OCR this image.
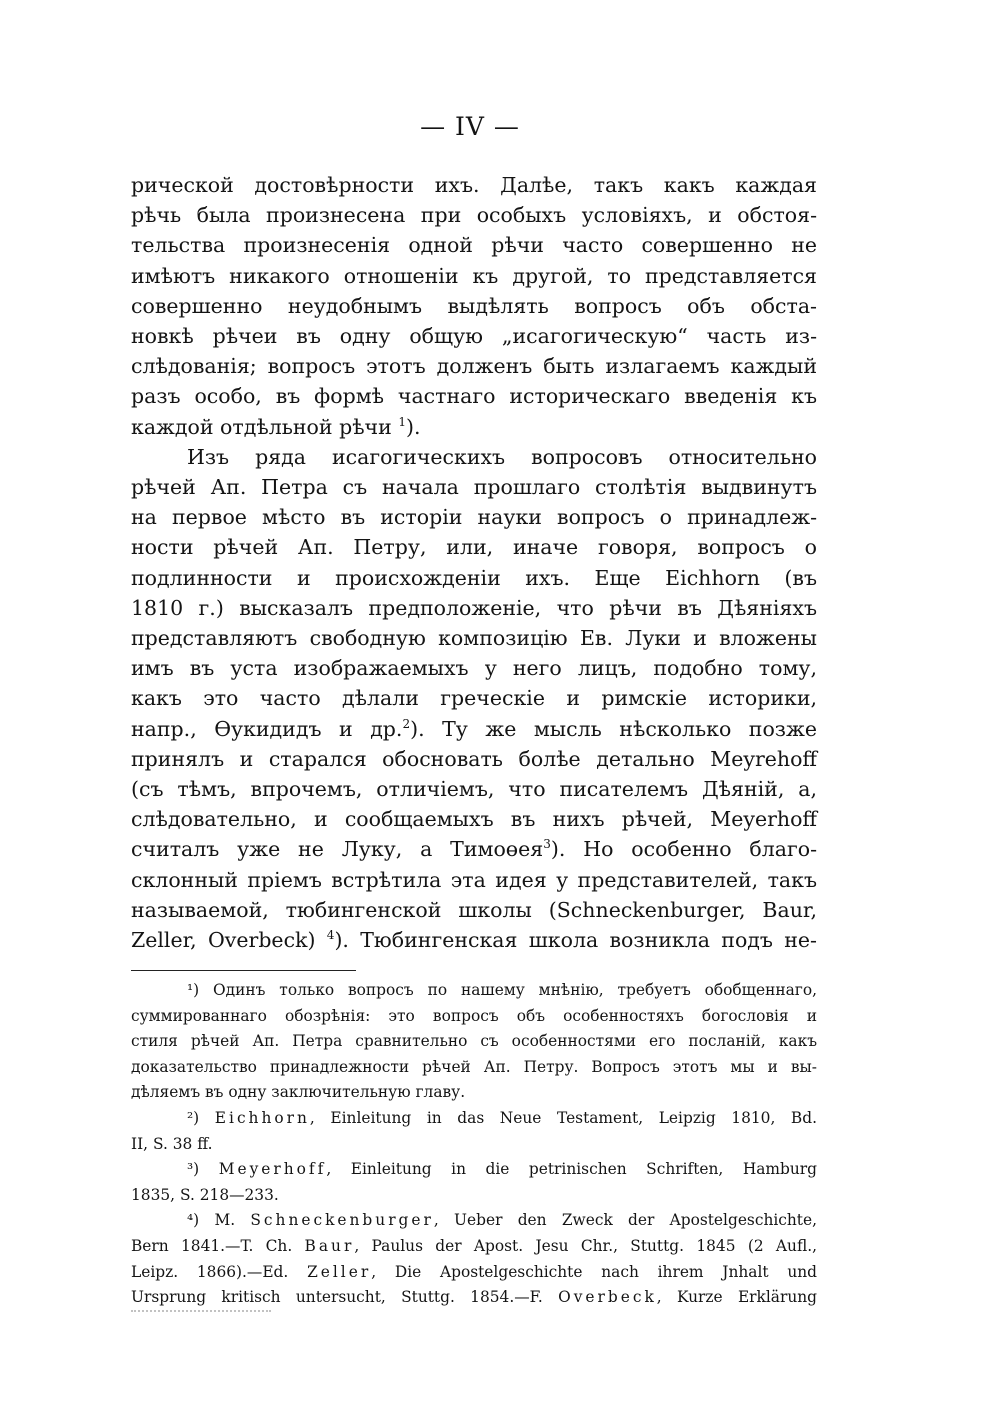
— IV —

рической достовѣрности ихъ. Далѣе, такъ какъ каждая

рѣчь была произнесена при особыхъ условіяхъ, и обстоя-

тельства произнесенія одной рѣчи часто совершенно не

имѣютъ никакого отношеніи къ другой, то представляется

совершенно неудобнымъ выдѣлять вопросъ объ обста-

новкѣ рѣчеи въ одну общую „исагогическую“ часть из-

слѣдованія; вопросъ этотъ долженъ быть излагаемъ каждый

разъ особо, въ формѣ частнаго историческаго введенія къ

каждой отдѣльной рѣчи $^1$).

Изъ ряда исагогическихъ вопросовъ относительно

рѣчей Ап. Петра съ начала прошлаго столѣтія выдвинутъ

на первое мѣсто въ исторіи науки вопросъ о принадлеж-

ности рѣчей Ап. Петру, или, иначе говоря, вопросъ о

подлинности и происхожденіи ихъ. Еще Eichhorn (въ

1810 г.) высказалъ предположеніе, что рѣчи въ Дѣяніяхъ

представляютъ свободную композицію Ев. Луки и вложены

имъ въ уста изображаемыхъ у него лицъ, подобно тому,

какъ это часто дѣлали греческіе и римскіе историки,

напр., Өукидидъ и др.$^2$). Ту же мысль нѣсколько позже

принялъ и старался обосновать болѣе детально Meyrehoff

(съ тѣмъ, впрочемъ, отличіемъ, что писателемъ Дѣяній, а,

слѣдовательно, и сообщаемыхъ въ нихъ рѣчей, Meyerhoff

считалъ уже не Луку, а Тимоөея$^3$). Но особенно благо-

склонный пріемъ встрѣтила эта идея у представителей, такъ

называемой, тюбингенской школы (Schneckenburger, Baur,

Zeller, Overbeck) $^4$). Тюбингенская школа возникла подъ не-

¹) Одинъ только вопросъ по нашему мнѣнію, требуетъ обобщеннаго,

суммированнаго обозрѣнія: это вопросъ объ особенностяхъ богословія и

стиля рѣчей Ап. Петра сравнительно съ особенностями его посланій, какъ

доказательство принадлежности рѣчей Ап. Петру. Вопросъ этотъ мы и вы-

дѣляемъ въ одну заключительную главу.

²) Eichhorn, Einleitung in das Neue Testament, Leipzig 1810, Bd.

II, S. 38 ff.

³) Meyerhoff, Einleitung in die petrinischen Schriften, Hamburg

1835, S. 218—233.

⁴) M. Schneckenburger, Ueber den Zweck der Apostelgeschichte,

Bern 1841.—T. Ch. Baur, Paulus der Apost. Jesu Chr., Stuttg. 1845 (2 Aufl.,

Leipz. 1866).—Ed. Zeller, Die Apostelgeschichte nach ihrem Jnhalt und

Ursprung kritisch untersucht, Stuttg. 1854.—F. Overbeck, Kurze Erklärung
